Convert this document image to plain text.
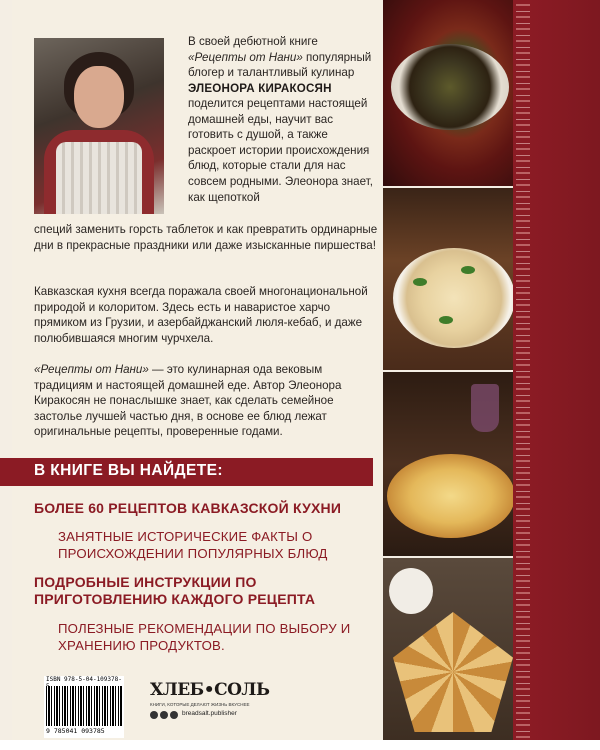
В своей дебютной книге
«Рецепты от Нани» популярный блогер и талантливый кулинар
ЭЛЕОНОРА КИРАКОСЯН
поделится рецептами настоящей домашней еды, научит вас готовить с душой, а также раскроет истории происхождения блюд, которые стали для нас совсем родными. Элеонора знает, как щепоткой
специй заменить горсть таблеток и как превратить ординарные дни в прекрасные праздники или даже изысканные пиршества!
Кавказская кухня всегда поражала своей многонациональной природой и колоритом. Здесь есть и наваристое харчо прямиком из Грузии, и азербайджанский люля-кебаб, и даже полюбившаяся многим чурчхела.
«Рецепты от Нани» — это кулинарная ода вековым традициям и настоящей домашней еде. Автор Элеонора Киракосян не понаслышке знает, как сделать семейное застолье лучшей частью дня, в основе ее блюд лежат оригинальные рецепты, проверенные годами.
В КНИГЕ ВЫ НАЙДЕТЕ:
БОЛЕЕ 60 РЕЦЕПТОВ КАВКАЗСКОЙ КУХНИ
ЗАНЯТНЫЕ ИСТОРИЧЕСКИЕ ФАКТЫ О ПРОИСХОЖДЕНИИ ПОПУЛЯРНЫХ БЛЮД
ПОДРОБНЫЕ ИНСТРУКЦИИ ПО ПРИГОТОВЛЕНИЮ КАЖДОГО РЕЦЕПТА
ПОЛЕЗНЫЕ РЕКОМЕНДАЦИИ ПО ВЫБОРУ И ХРАНЕНИЮ ПРОДУКТОВ.
ISBN 978-5-04-109378-
9 785041 093785
ХЛЕБ•СОЛЬ
КНИГИ, КОТОРЫЕ ДЕЛАЮТ ЖИЗНЬ ВКУСНЕЕ
breadsalt.publisher
